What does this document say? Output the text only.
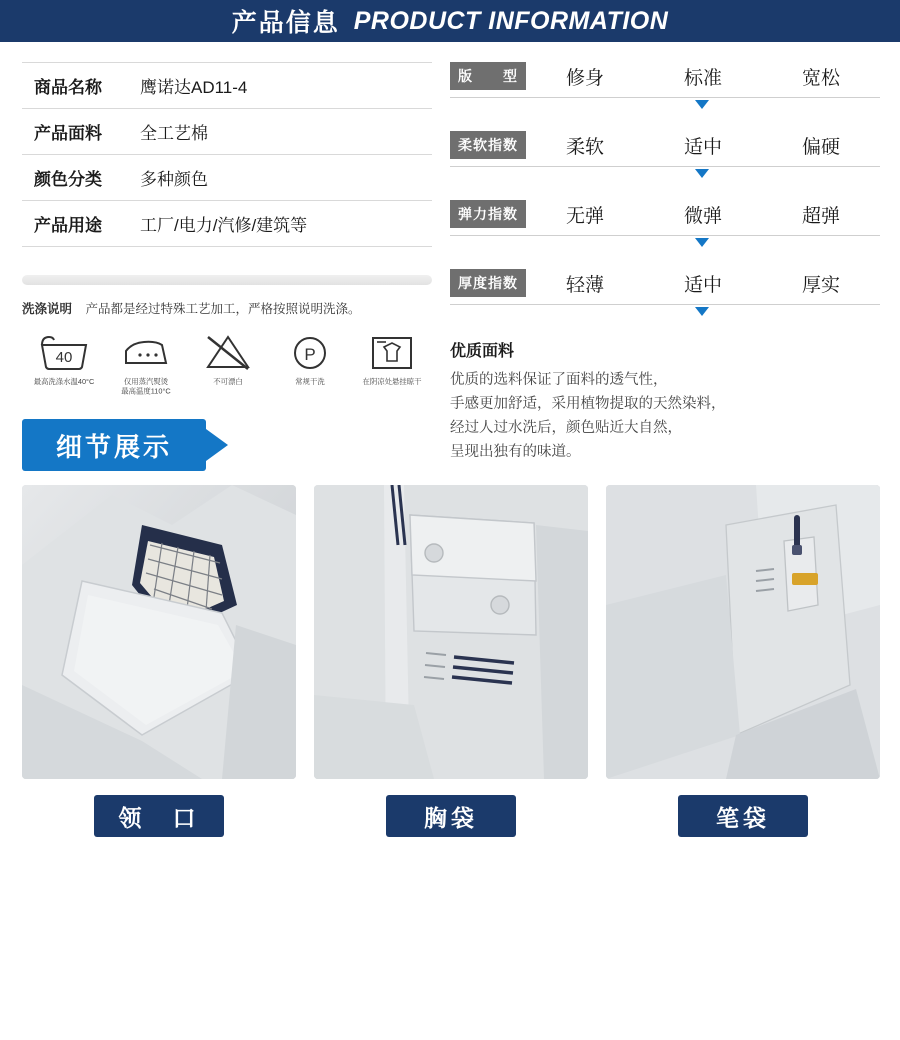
产品信息 PRODUCT INFORMATION
商品名称	鹰诺达AD11-4
产品面料	全工艺棉
颜色分类	多种颜色
产品用途	工厂/电力/汽修/建筑等
洗涤说明 产品都是经过特殊工艺加工，严格按照说明洗涤。
40
最高洗涤水温40°C	仅用蒸汽熨烫
最高温度110°C
不可漂白
P
常规干洗	在阴凉处悬挂晾干
细节展示
版　　型	修身	标准	宽松
柔软指数	柔软	适中	偏硬
弹力指数	无弹	微弹	超弹
厚度指数	轻薄	适中	厚实
优质面料

优质的选料保证了面料的透气性，

手感更加舒适，采用植物提取的天然染料，

经过人过水洗后，颜色贴近大自然，

呈现出独有的味道。

领　口	胸袋	笔袋
